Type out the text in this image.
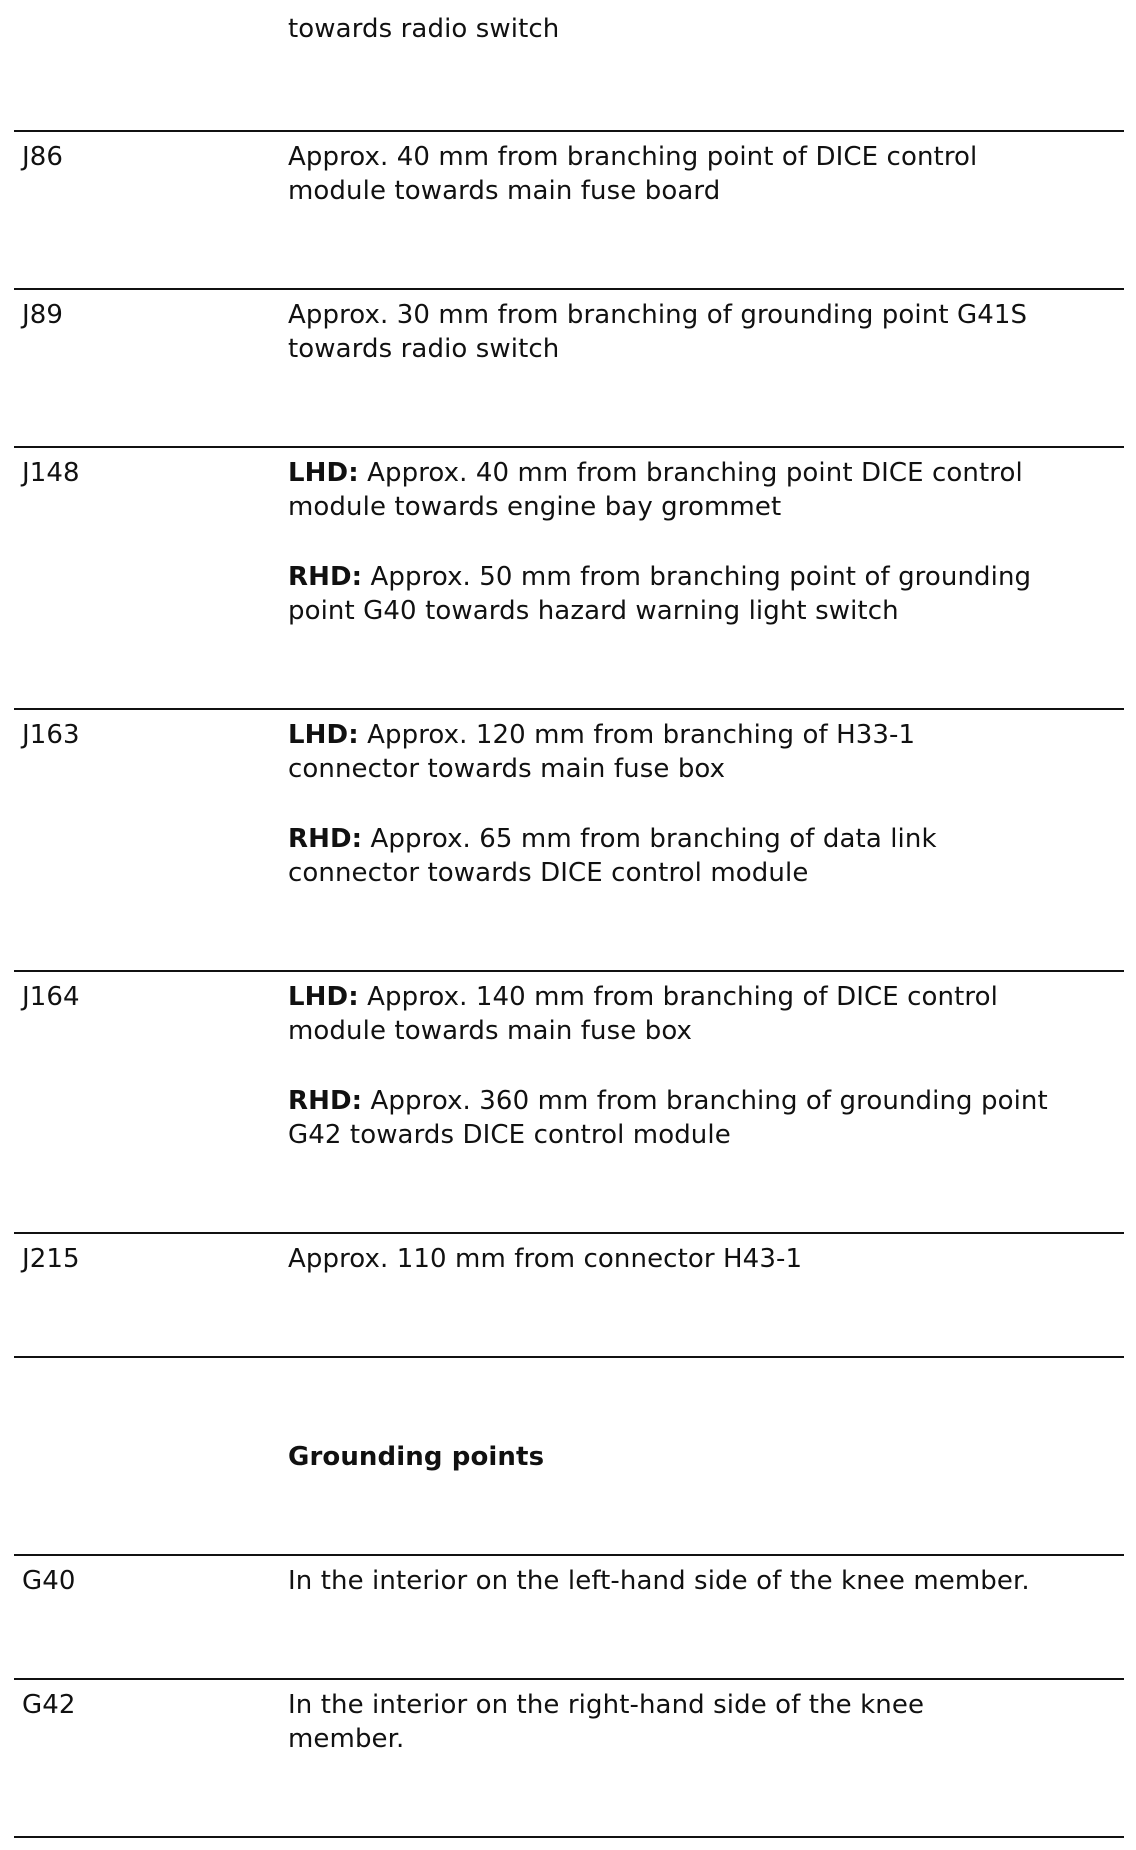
towards radio switch
J86	Approx. 40 mm from branching point of DICE control
module towards main fuse board
J89	Approx. 30 mm from branching of grounding point G41S
towards radio switch
J148	LHD: Approx. 40 mm from branching point DICE control
module towards engine bay grommet
RHD: Approx. 50 mm from branching point of grounding
point G40 towards hazard warning light switch
J163	LHD: Approx. 120 mm from branching of H33-1
connector towards main fuse box
RHD: Approx. 65 mm from branching of data link
connector towards DICE control module
J164	LHD: Approx. 140 mm from branching of DICE control
module towards main fuse box
RHD: Approx. 360 mm from branching of grounding point
G42 towards DICE control module
J215	Approx. 110 mm from connector H43-1
Grounding points
G40	In the interior on the left-hand side of the knee member.
G42	In the interior on the right-hand side of the knee
member.
